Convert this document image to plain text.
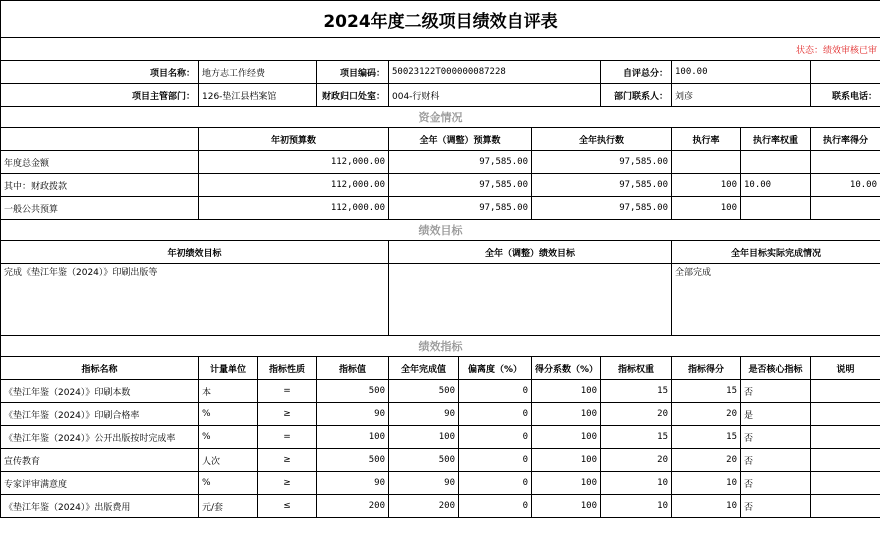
2024年度二级项目绩效自评表											
状态：绩效审核已审											
项目名称：	地方志工作经费		项目编码：	50023122T000000087228			自评总分：	100.00			
项目主管部门：	126-垫江县档案馆		财政归口处室：	004-行财科			部门联系人：	刘彦		联系电话：	
资金情况											
	年初预算数			全年（调整）预算数		全年执行数		执行率	执行率权重	执行率得分	
年度总金额	112,000.00			97,585.00		97,585.00					
其中：财政拨款	112,000.00			97,585.00		97,585.00		100	10.00	10.00	
一般公共预算	112,000.00			97,585.00		97,585.00		100			
绩效目标											
年初绩效目标				全年（调整）绩效目标				全年目标实际完成情况			
完成《垫江年鉴（2024）》印刷出版等								全部完成			
绩效指标											
指标名称	计量单位	指标性质	指标值	全年完成值	偏离度（%）	得分系数（%）	指标权重	指标得分	是否核心指标	说明	
《垫江年鉴（2024）》印刷本数	本	=	500	500	0	100	15	15	否		
《垫江年鉴（2024）》印刷合格率	%	≥	90	90	0	100	20	20	是		
《垫江年鉴（2024）》公开出版按时完成率	%	=	100	100	0	100	15	15	否		
宣传教育	人次	≥	500	500	0	100	20	20	否		
专家评审满意度	%	≥	90	90	0	100	10	10	否		
《垫江年鉴（2024）》出版费用	元/套	≤	200	200	0	100	10	10	否		
